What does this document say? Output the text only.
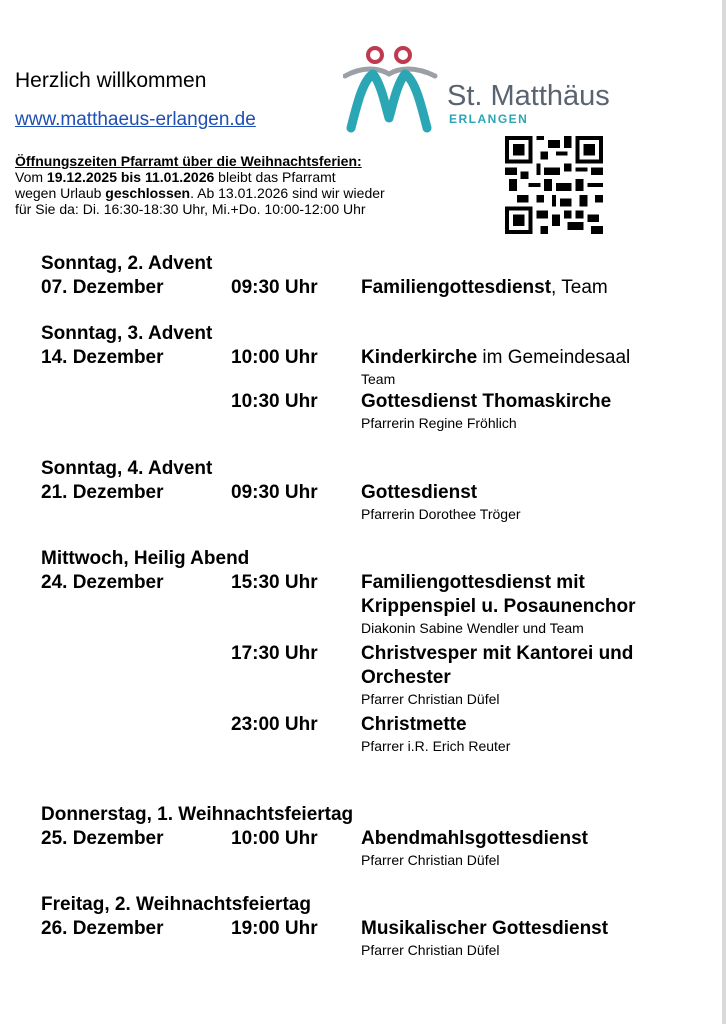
Herzlich willkommen
www.matthaeus-erlangen.de
St. Matthäus
ERLANGEN
Öffnungszeiten Pfarramt über die Weihnachtsferien:
Vom 19.12.2025 bis 11.01.2026 bleibt das Pfarramt
wegen Urlaub geschlossen. Ab 13.01.2026 sind wir wieder
für Sie da: Di. 16:30-18:30 Uhr, Mi.+Do. 10:00-12:00 Uhr
Sonntag, 2. Advent
07. Dezember	09:30 Uhr Familiengottesdienst, Team
Sonntag, 3. Advent
14. Dezember	10:00 Uhr Kinderkirche im Gemeindesaal
Team
10:30 Uhr Gottesdienst Thomaskirche
Pfarrerin Regine Fröhlich
Sonntag, 4. Advent
21. Dezember	09:30 Uhr Gottesdienst
Pfarrerin Dorothee Tröger
Mittwoch, Heilig Abend
24. Dezember	15:30 Uhr Familiengottesdienst mit
Krippenspiel u. Posaunenchor
Diakonin Sabine Wendler und Team
17:30 Uhr Christvesper mit Kantorei und
Orchester
Pfarrer Christian Düfel
23:00 Uhr Christmette
Pfarrer i.R. Erich Reuter
Donnerstag, 1. Weihnachtsfeiertag
25. Dezember	10:00 Uhr Abendmahlsgottesdienst
Pfarrer Christian Düfel
Freitag, 2. Weihnachtsfeiertag
26. Dezember	19:00 Uhr Musikalischer Gottesdienst
Pfarrer Christian Düfel
